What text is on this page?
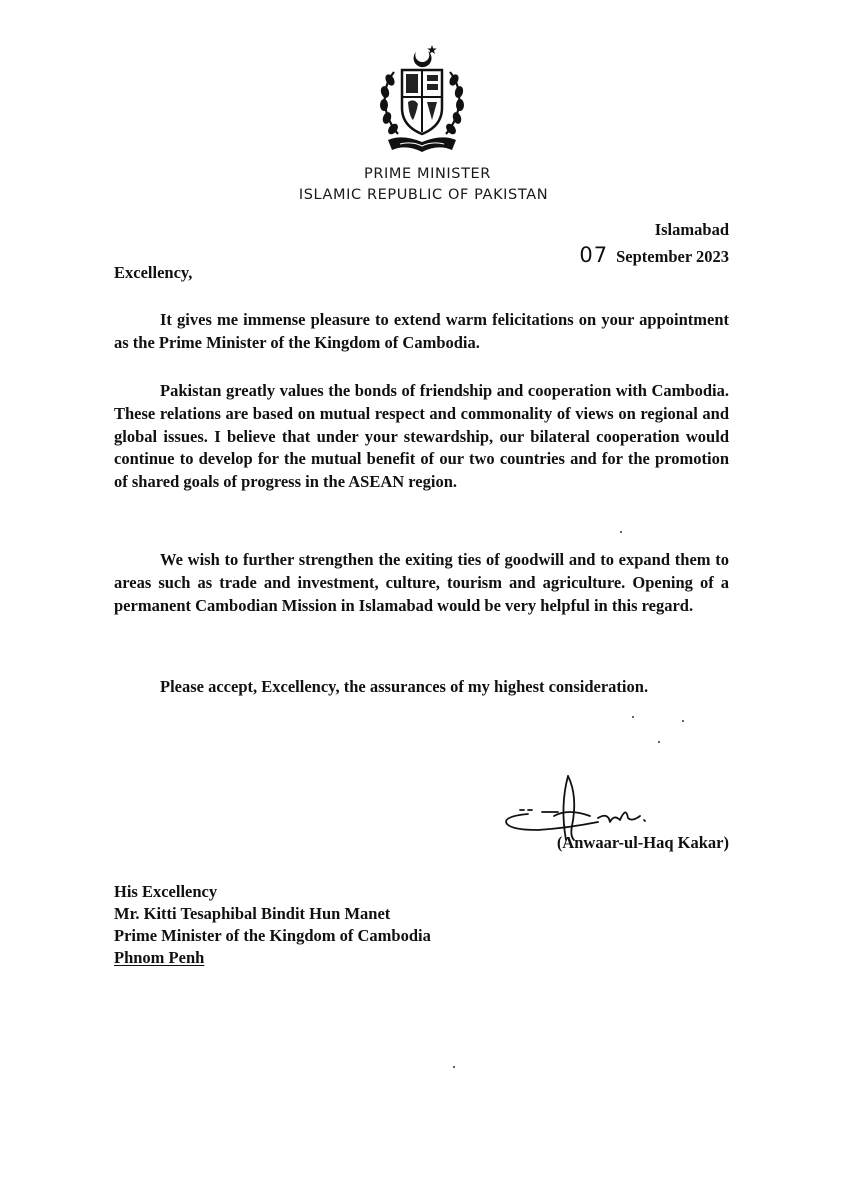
PRIME MINISTER
ISLAMIC REPUBLIC OF PAKISTAN
Islamabad
07 September 2023
Excellency,

It gives me immense pleasure to extend warm felicitations on your appointment as the Prime Minister of the Kingdom of Cambodia.

Pakistan greatly values the bonds of friendship and cooperation with Cambodia. These relations are based on mutual respect and commonality of views on regional and global issues. I believe that under your stewardship, our bilateral cooperation would continue to develop for the mutual benefit of our two countries and for the promotion of shared goals of progress in the ASEAN region.

We wish to further strengthen the exiting ties of goodwill and to expand them to areas such as trade and investment, culture, tourism and agriculture. Opening of a permanent Cambodian Mission in Islamabad would be very helpful in this regard.

Please accept, Excellency, the assurances of my highest consideration.

(Anwaar-ul-Haq Kakar)
His Excellency
Mr. Kitti Tesaphibal Bindit Hun Manet
Prime Minister of the Kingdom of Cambodia
Phnom Penh
